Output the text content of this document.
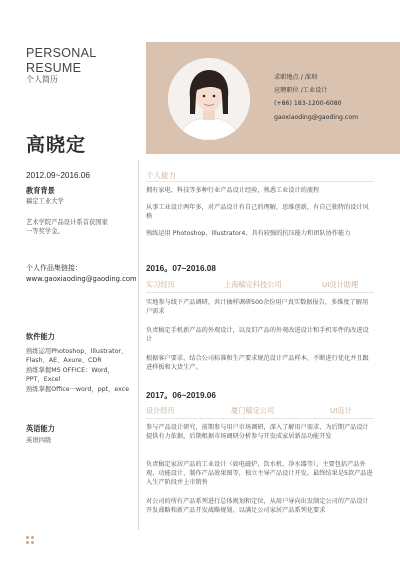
PERSONAL
RESUME
个人简历	求职地点 / 深圳
应聘职位 /工业设计
(+86) 183-1200-6080
gaoxiaoding@gaoding.com
高晓定
2012.09~2016.06
教育背景
稿定工业大学
艺术学院产品设计系首获国家
一等奖学金。
个人作品集链接：
www.gaoxiaoding@gaoding.com
软件能力
熟练运用Photoshop、Illustrator、
Flash、AE、Axure、CDR
熟练掌握MS OFFICE：Word，
PPT，Excel
熟练掌握Office一word，ppt，exce
英语能力
英语四级
个人能力
拥有家电、科技等多种行业产品设计经验，熟悉工业设计的流程
从事工业设计两年多，对产品设计有自己的理解，思维创新，有自己独特的设计风格
熟练运用 Photoshop、Illustrator4、具有较强的抗压能力和团队协作能力
2016。07~2016.08
实习经历	上海稿定科技公司	UI设计助理
实地参与线下产品调研，共计抽样调研500余份用户真实数据报告，多维度了解用户需求
负责稿定手机新产品的外观设计，以及旧产品的外观改进设计和手机零件的改进设计
根据客户要求，结合公司标准和生产要求规范设计产品样本，不断进行优化并且跟进样板和大货生产。
2017。06~2019.06
设计经历	厦门稿定公司	UI设计
参与产品设计研究，前期参与用户市场调研，深入了解用户需求，为后期产品设计提供有力依据，后期根据市场调研分析参与开发成家居新品功能开发
负责稿定家居产品的工业设计（如电磁炉、饮水机、净水器等），主要包括产品外观、功能设计、制作产品效果图等，独立主导产品设计开发，最终结果是5款产品进入生产阶段并上市销售
对公司的所有产品系列进行总体规划和定位，从用户导向出发制定公司的产品设计开发战略和新产品开发战略规划，以满足公司家居产品系列化要求
